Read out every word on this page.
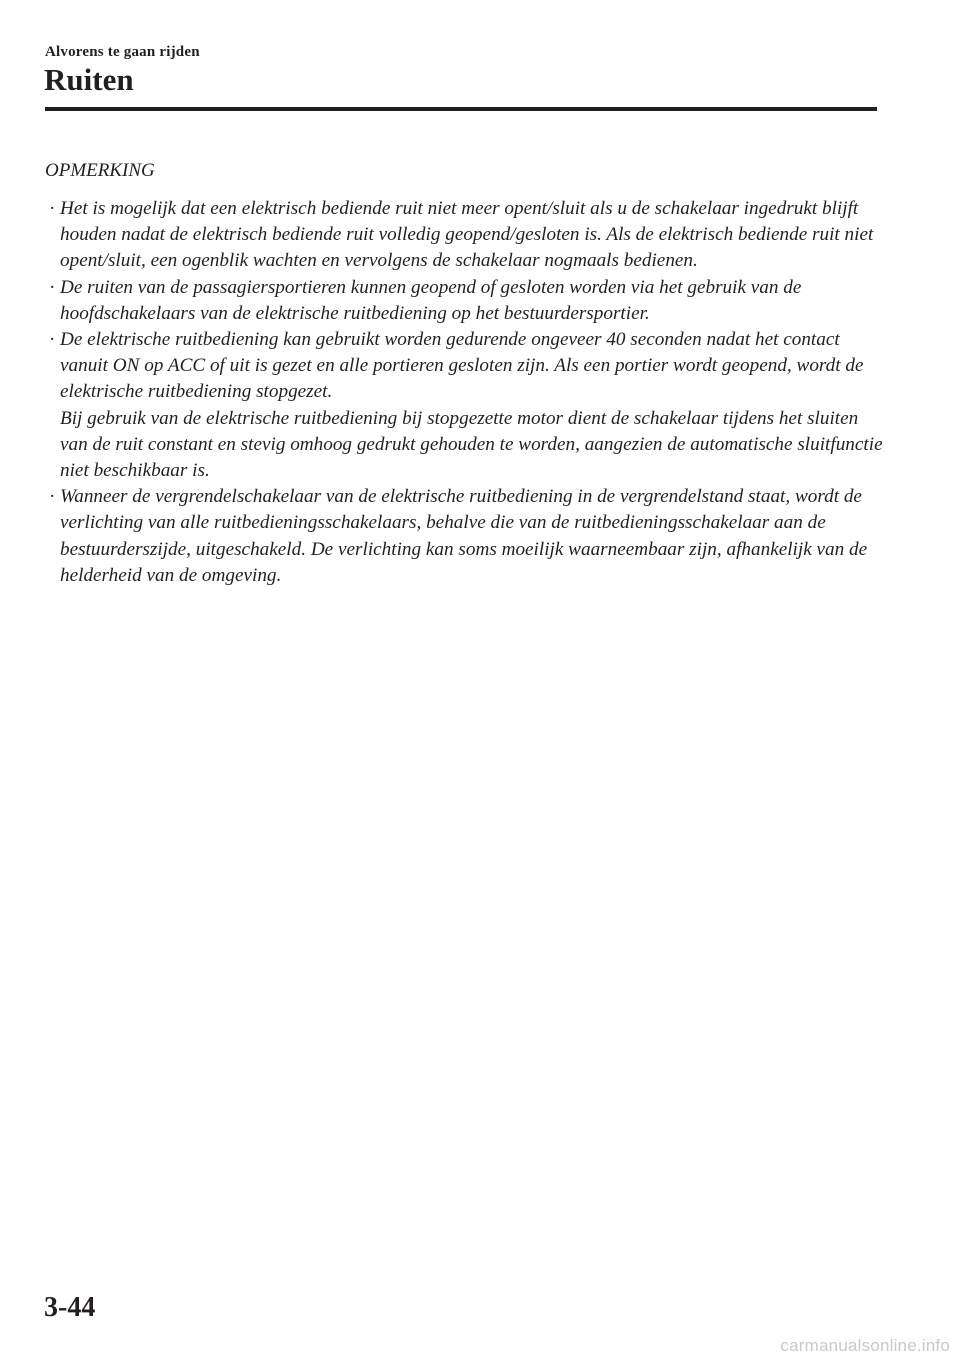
Alvorens te gaan rijden
Ruiten
OPMERKING
· Het is mogelijk dat een elektrisch bediende ruit niet meer opent/sluit als u de schakelaar ingedrukt blijft houden nadat de elektrisch bediende ruit volledig geopend/gesloten is. Als de elektrisch bediende ruit niet opent/sluit, een ogenblik wachten en vervolgens de schakelaar nogmaals bedienen.
· De ruiten van de passagiersportieren kunnen geopend of gesloten worden via het gebruik van de hoofdschakelaars van de elektrische ruitbediening op het bestuurdersportier.
· De elektrische ruitbediening kan gebruikt worden gedurende ongeveer 40 seconden nadat het contact vanuit ON op ACC of uit is gezet en alle portieren gesloten zijn. Als een portier wordt geopend, wordt de elektrische ruitbediening stopgezet.
Bij gebruik van de elektrische ruitbediening bij stopgezette motor dient de schakelaar tijdens het sluiten van de ruit constant en stevig omhoog gedrukt gehouden te worden, aangezien de automatische sluitfunctie niet beschikbaar is.
· Wanneer de vergrendelschakelaar van de elektrische ruitbediening in de vergrendelstand staat, wordt de verlichting van alle ruitbedieningsschakelaars, behalve die van de ruitbedieningsschakelaar aan de bestuurderszijde, uitgeschakeld. De verlichting kan soms moeilijk waarneembaar zijn, afhankelijk van de helderheid van de omgeving.
3-44
carmanualsonline.info
